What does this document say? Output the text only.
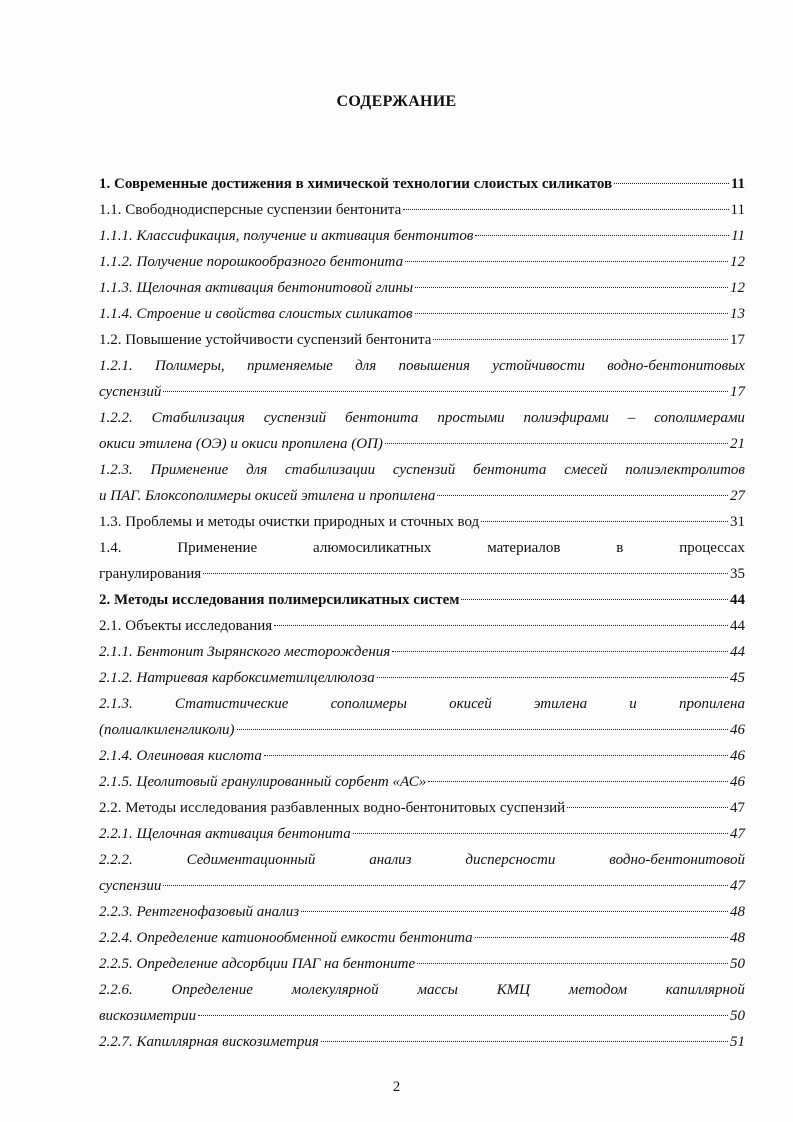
СОДЕРЖАНИЕ
1. Современные достижения в химической технологии слоистых силикатов	11
1.1. Свободнодисперсные суспензии бентонита	11
1.1.1. Классификация, получение и активация бентонитов	11
1.1.2. Получение порошкообразного бентонита	12
1.1.3. Щелочная активация бентонитовой глины	12
1.1.4. Строение и свойства слоистых силикатов	13
1.2. Повышение устойчивости суспензий бентонита	17
1.2.1. Полимеры, применяемые для повышения устойчивости водно-бентонитовых
суспензий	17
1.2.2. Стабилизация суспензий бентонита простыми полиэфирами – сополимерами
окиси этилена (ОЭ) и окиси пропилена (ОП)	21
1.2.3. Применение для стабилизации суспензий бентонита смесей полиэлектролитов
и ПАГ. Блоксополимеры окисей этилена и пропилена	27
1.3. Проблемы и методы очистки природных и сточных вод	31
1.4.	Применение	алюмосиликатных	материалов	в	процессах
гранулирования	35
2. Методы исследования полимерсиликатных систем	44
2.1. Объекты исследования	44
2.1.1. Бентонит Зырянского месторождения	44
2.1.2. Натриевая карбоксиметилцеллюлоза	45
2.1.3.	Статистические	сополимеры	окисей	этилена	и	пропилена
(полиалкиленгликоли)	46
2.1.4. Олеиновая кислота	46
2.1.5. Цеолитовый гранулированный сорбент «АС»	46
2.2. Методы исследования разбавленных водно-бентонитовых суспензий	47
2.2.1. Щелочная активация бентонита	47
2.2.2.	Седиментационный	анализ	дисперсности	водно-бентонитовой
суспензии	47
2.2.3. Рентгенофазовый анализ	48
2.2.4. Определение катионообменной емкости бентонита	48
2.2.5. Определение адсорбции ПАГ на бентоните	50
2.2.6.	Определение	молекулярной	массы	КМЦ	методом	капиллярной
вискозиметрии	50
2.2.7. Капиллярная вискозиметрия	51
2
